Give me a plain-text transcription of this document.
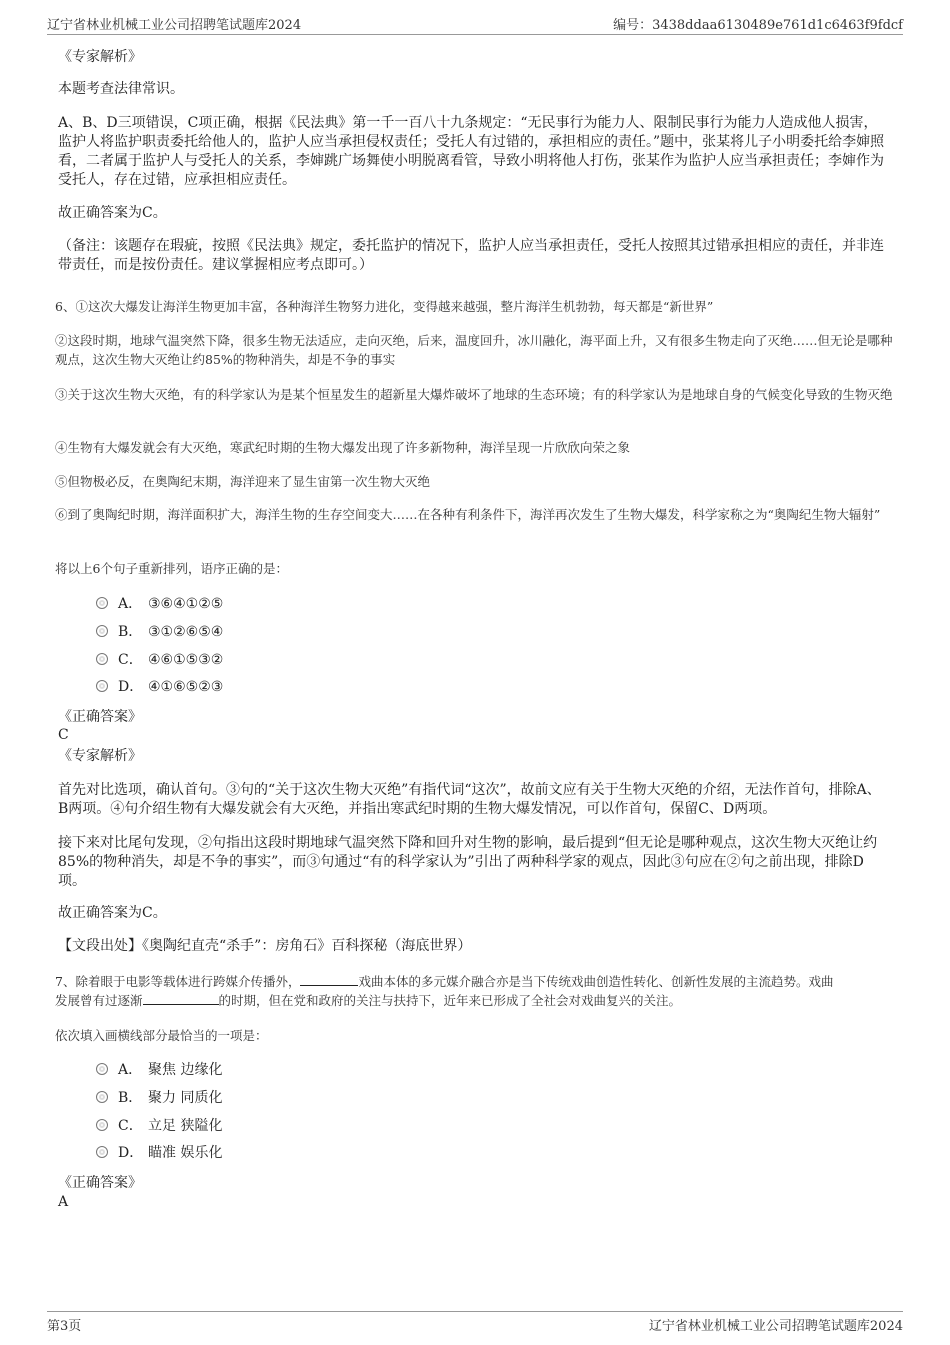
辽宁省林业机械工业公司招聘笔试题库2024	编号：3438ddaa6130489e761d1c6463f9fdcf
《专家解析》
本题考查法律常识。
A、B、D三项错误，C项正确，根据《民法典》第一千一百八十九条规定：“无民事行为能力人、限制民事行为能力人造成他人损害，监护人将监护职责委托给他人的，监护人应当承担侵权责任；受托人有过错的，承担相应的责任。”题中，张某将儿子小明委托给李婶照看，二者属于监护人与受托人的关系，李婶跳广场舞使小明脱离看管，导致小明将他人打伤，张某作为监护人应当承担责任；李婶作为受托人，存在过错，应承担相应责任。
故正确答案为C。
（备注：该题存在瑕疵，按照《民法典》规定，委托监护的情况下，监护人应当承担责任，受托人按照其过错承担相应的责任，并非连带责任，而是按份责任。建议掌握相应考点即可。）
6、①这次大爆发让海洋生物更加丰富，各种海洋生物努力进化，变得越来越强，整片海洋生机勃勃，每天都是“新世界”
②这段时期，地球气温突然下降，很多生物无法适应，走向灭绝，后来，温度回升，冰川融化，海平面上升，又有很多生物走向了灭绝……但无论是哪种观点，这次生物大灭绝让约85%的物种消失，却是不争的事实
③关于这次生物大灭绝，有的科学家认为是某个恒星发生的超新星大爆炸破坏了地球的生态环境；有的科学家认为是地球自身的气候变化导致的生物灭绝
④生物有大爆发就会有大灭绝，寒武纪时期的生物大爆发出现了许多新物种，海洋呈现一片欣欣向荣之象
⑤但物极必反，在奥陶纪末期，海洋迎来了显生宙第一次生物大灭绝
⑥到了奥陶纪时期，海洋面积扩大，海洋生物的生存空间变大……在各种有利条件下，海洋再次发生了生物大爆发，科学家称之为“奥陶纪生物大辐射”
将以上6个句子重新排列，语序正确的是：
A． ③⑥④①②⑤
B． ③①②⑥⑤④
C． ④⑥①⑤③②
D． ④①⑥⑤②③
《正确答案》
C
《专家解析》
首先对比选项，确认首句。③句的“关于这次生物大灭绝”有指代词“这次”，故前文应有关于生物大灭绝的介绍，无法作首句，排除A、B两项。④句介绍生物有大爆发就会有大灭绝，并指出寒武纪时期的生物大爆发情况，可以作首句，保留C、D两项。
接下来对比尾句发现，②句指出这段时期地球气温突然下降和回升对生物的影响，最后提到“但无论是哪种观点，这次生物大灭绝让约85%的物种消失，却是不争的事实”，而③句通过“有的科学家认为”引出了两种科学家的观点，因此③句应在②句之前出现，排除D项。
故正确答案为C。
【文段出处】《奥陶纪直壳“杀手”：房角石》百科探秘（海底世界）
7、除着眼于电影等载体进行跨媒介传播外，	戏曲本体的多元媒介融合亦是当下传统戏曲创造性转化、创新性发展的主流趋势。戏曲
发展曾有过逐渐	的时期，但在党和政府的关注与扶持下，近年来已形成了全社会对戏曲复兴的关注。
依次填入画横线部分最恰当的一项是：
A． 聚焦 边缘化
B． 聚力 同质化
C． 立足 狭隘化
D． 瞄准 娱乐化
《正确答案》
A
第3页	辽宁省林业机械工业公司招聘笔试题库2024
